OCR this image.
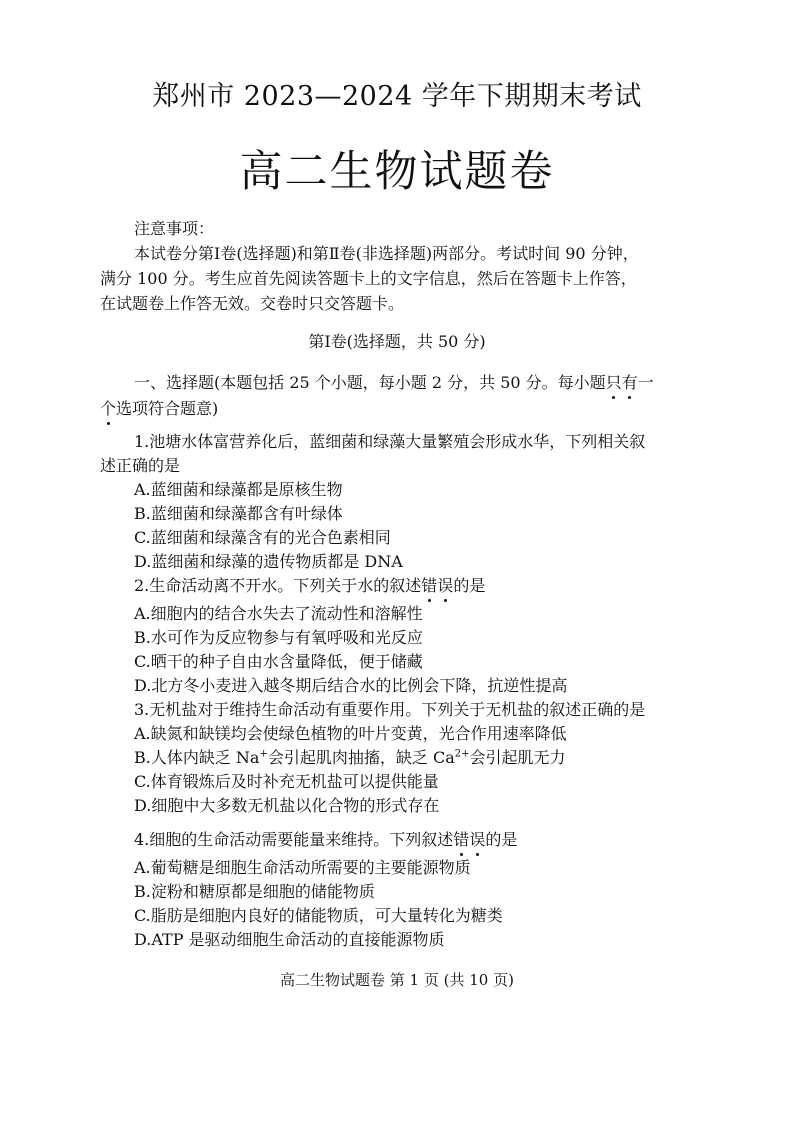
郑州市 2023—2024 学年下期期末考试
高二生物试题卷
注意事项：
本试卷分第Ⅰ卷(选择题)和第Ⅱ卷(非选择题)两部分。考试时间 90 分钟，
满分 100 分。考生应首先阅读答题卡上的文字信息，然后在答题卡上作答，
在试题卷上作答无效。交卷时只交答题卡。
第Ⅰ卷(选择题，共 50 分)
一、选择题(本题包括 25 个小题，每小题 2 分，共 50 分。每小题只有一
个选项符合题意)
1.池塘水体富营养化后，蓝细菌和绿藻大量繁殖会形成水华，下列相关叙
述正确的是
A.蓝细菌和绿藻都是原核生物
B.蓝细菌和绿藻都含有叶绿体
C.蓝细菌和绿藻含有的光合色素相同
D.蓝细菌和绿藻的遗传物质都是 DNA
2.生命活动离不开水。下列关于水的叙述错误的是
A.细胞内的结合水失去了流动性和溶解性
B.水可作为反应物参与有氧呼吸和光反应
C.晒干的种子自由水含量降低，便于储藏
D.北方冬小麦进入越冬期后结合水的比例会下降，抗逆性提高
3.无机盐对于维持生命活动有重要作用。下列关于无机盐的叙述正确的是
A.缺氮和缺镁均会使绿色植物的叶片变黄，光合作用速率降低
B.人体内缺乏 Na+会引起肌肉抽搐，缺乏 $Ca^{2+}$会引起肌无力
C.体育锻炼后及时补充无机盐可以提供能量
D.细胞中大多数无机盐以化合物的形式存在
4.细胞的生命活动需要能量来维持。下列叙述错误的是
A.葡萄糖是细胞生命活动所需要的主要能源物质
B.淀粉和糖原都是细胞的储能物质
C.脂肪是细胞内良好的储能物质，可大量转化为糖类
D.ATP 是驱动细胞生命活动的直接能源物质
高二生物试题卷 第 1 页 (共 10 页)
